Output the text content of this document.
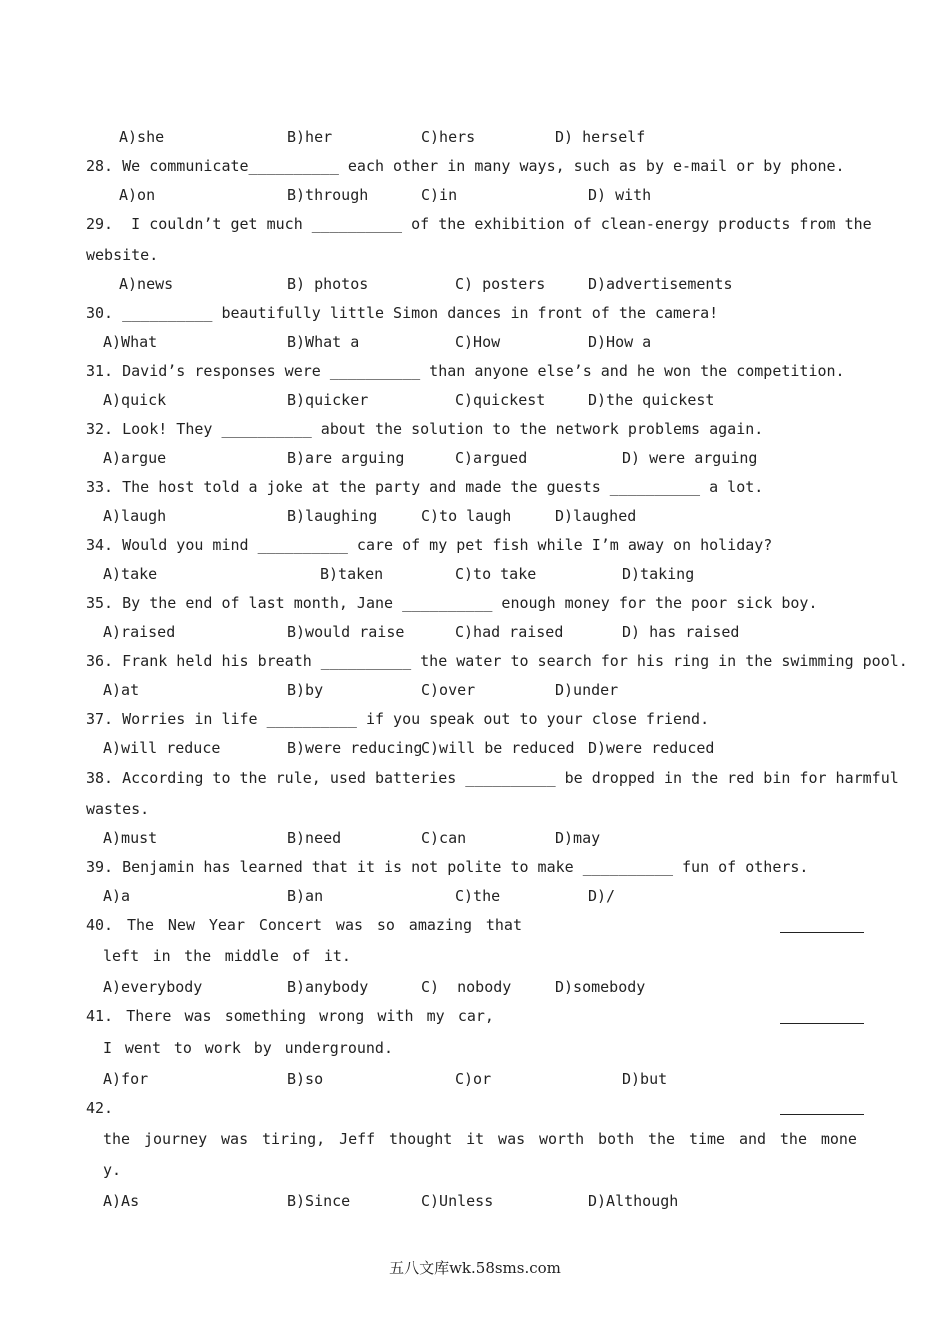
A)she	B)her	C)hers	D) herself
28. We communicate__________ each other in many ways, such as by e-mail or by phone.
A)on	B)through	C)in	D) with
29.  I couldn’t get much __________ of the exhibition of clean-energy products from the
website.
A)news	B) photos	C) posters	D)advertisements
30. __________ beautifully little Simon dances in front of the camera!
A)What	B)What a	C)How	D)How a
31. David’s responses were __________ than anyone else’s and he won the competition.
A)quick	B)quicker	C)quickest	D)the quickest
32. Look! They __________ about the solution to the network problems again.
A)argue	B)are arguing	C)argued	D) were arguing
33. The host told a joke at the party and made the guests __________ a lot.
A)laugh	B)laughing	C)to laugh	D)laughed
34. Would you mind __________ care of my pet fish while I’m away on holiday?
A)take	B)taken	C)to take	D)taking
35. By the end of last month, Jane __________ enough money for the poor sick boy.
A)raised	B)would raise	C)had raised	D) has raised
36. Frank held his breath __________ the water to search for his ring in the swimming pool.
A)at	B)by	C)over	D)under
37. Worries in life __________ if you speak out to your close friend.
A)will reduce	B)were reducing
C)will be reduced D)were reduced
38. According to the rule, used batteries __________ be dropped in the red bin for harmful
wastes.
A)must	B)need	C)can	D)may
39. Benjamin has learned that it is not polite to make __________ fun of others.
A)a	B)an	C)the	D)/
40. The New Year Concert was so amazing that
left in the middle of it.
A)everybody	B)anybody	C)  nobody	D)somebody
41. There was something wrong with my car,
I went to work by underground.
A)for	B)so	C)or	D)but
42.
the journey was tiring, Jeff thought it was worth both the time and the mone
y.
A)As	B)Since	C)Unless	D)Although
五八文库wk.58sms.com
